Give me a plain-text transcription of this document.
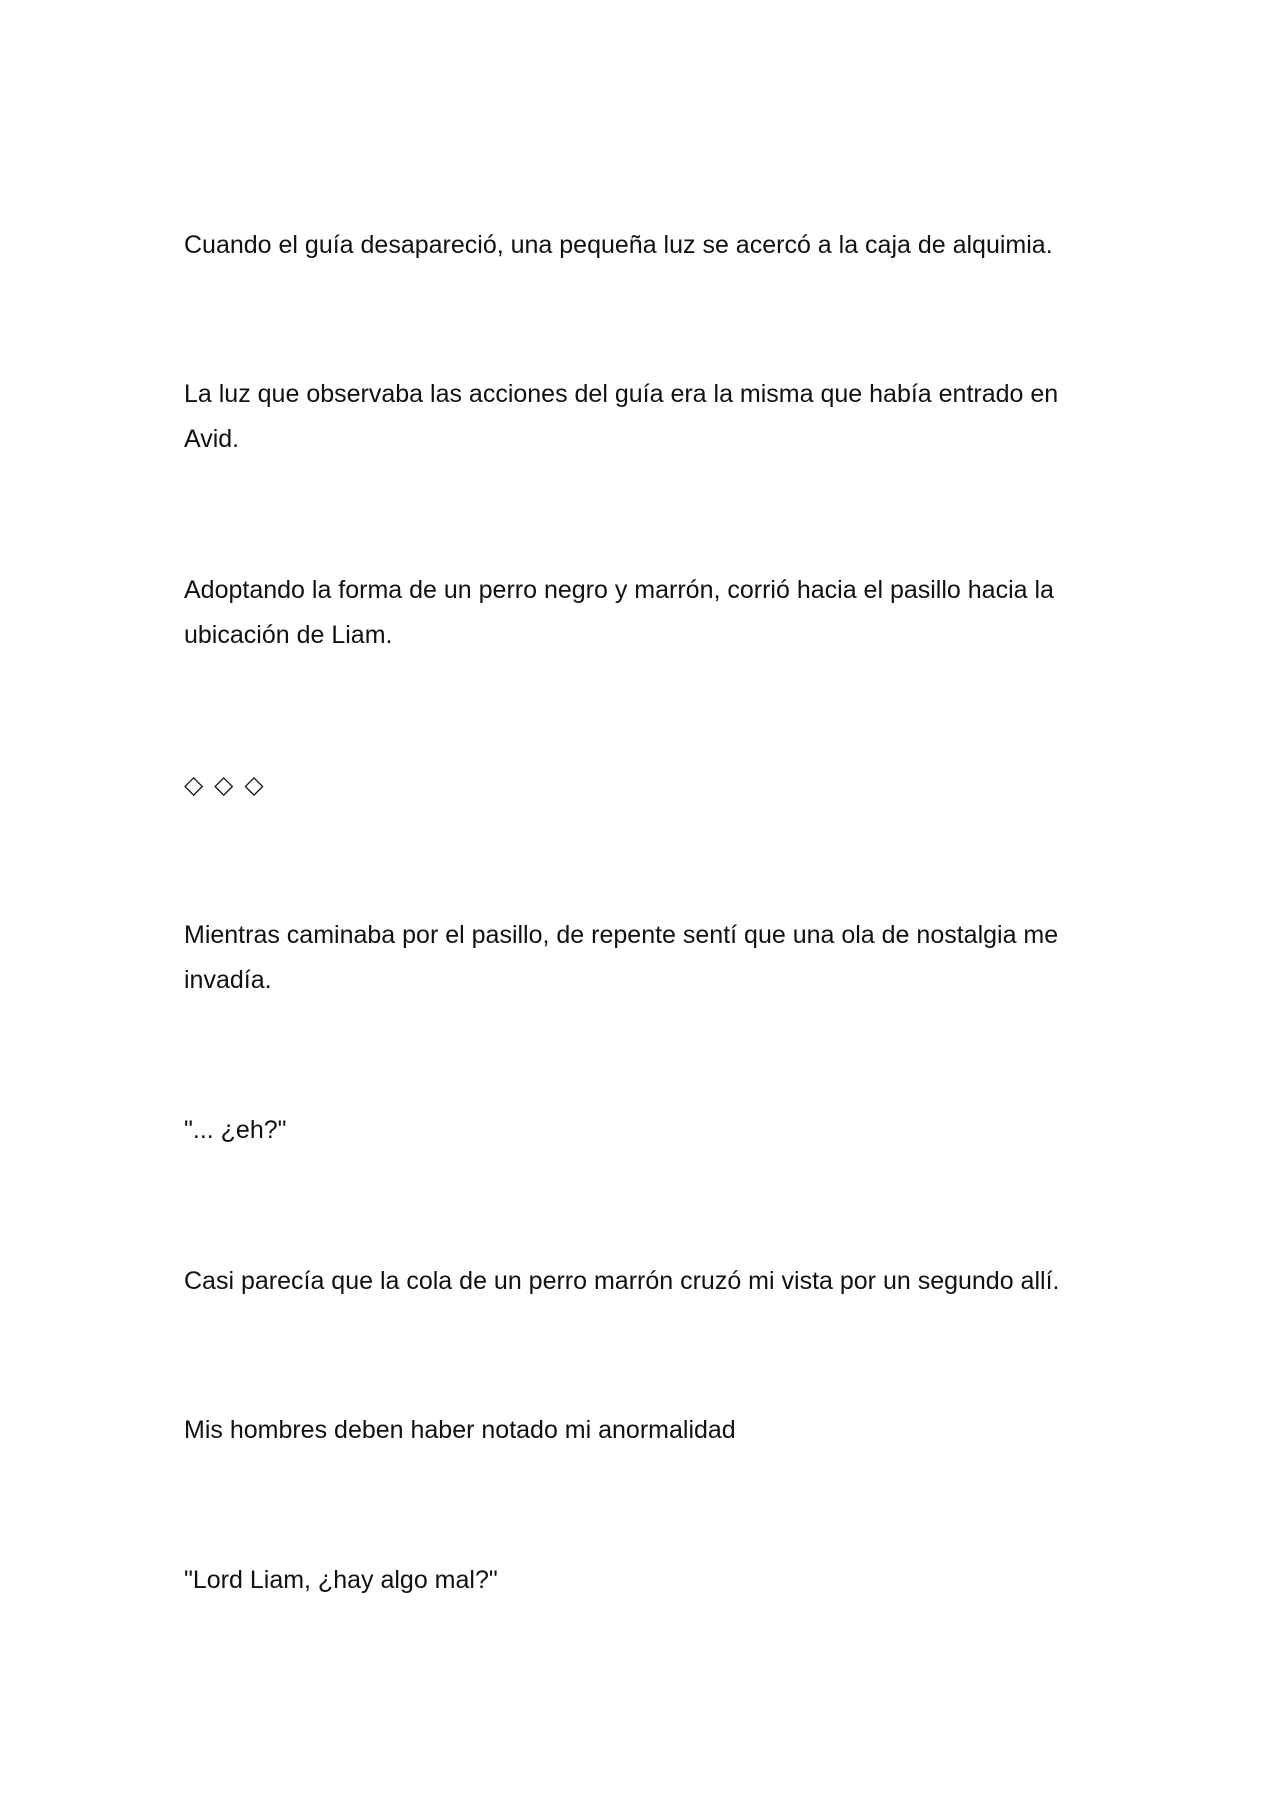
Cuando el guía desapareció, una pequeña luz se acercó a la caja de alquimia.

La luz que observaba las acciones del guía era la misma que había entrado en Avid.

Adoptando la forma de un perro negro y marrón, corrió hacia el pasillo hacia la ubicación de Liam.

◇ ◇ ◇

Mientras caminaba por el pasillo, de repente sentí que una ola de nostalgia me invadía.

"... ¿eh?"

Casi parecía que la cola de un perro marrón cruzó mi vista por un segundo allí.

Mis hombres deben haber notado mi anormalidad

"Lord Liam, ¿hay algo mal?"
